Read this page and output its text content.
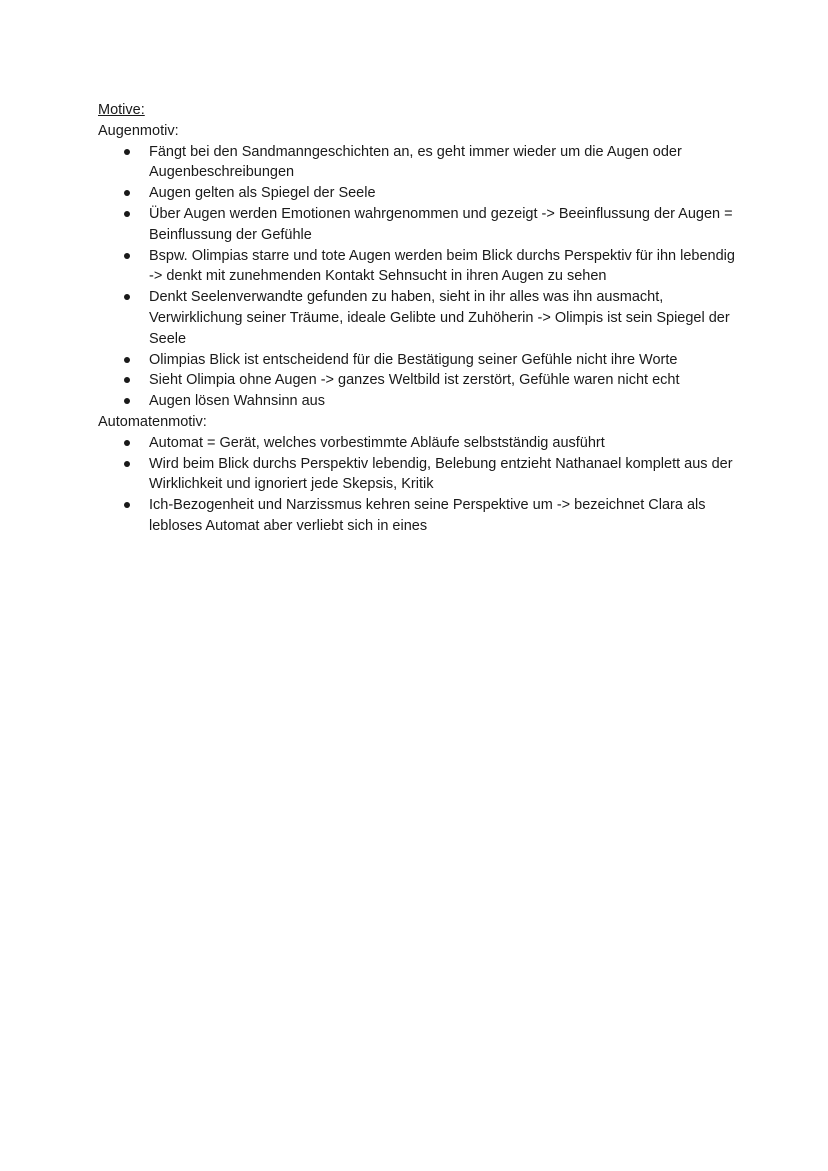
Motive:

Augenmotiv:

Fängt bei den Sandmanngeschichten an, es geht immer wieder um die Augen oder Augenbeschreibungen
Augen gelten als Spiegel der Seele
Über Augen werden Emotionen wahrgenommen und gezeigt -> Beeinflussung der Augen = Beinflussung der Gefühle
Bspw. Olimpias starre und tote Augen werden beim Blick durchs Perspektiv für ihn lebendig -> denkt mit zunehmenden Kontakt Sehnsucht in ihren Augen zu sehen
Denkt Seelenverwandte gefunden zu haben, sieht in ihr alles was ihn ausmacht, Verwirklichung seiner Träume, ideale Gelibte und Zuhöherin -> Olimpis ist sein Spiegel der Seele
Olimpias Blick ist entscheidend für die Bestätigung seiner Gefühle nicht ihre Worte
Sieht Olimpia ohne Augen -> ganzes Weltbild ist zerstört, Gefühle waren nicht echt
Augen lösen Wahnsinn aus

Automatenmotiv:

Automat = Gerät, welches vorbestimmte Abläufe selbstständig ausführt
Wird beim Blick durchs Perspektiv lebendig, Belebung entzieht Nathanael komplett aus der Wirklichkeit und ignoriert jede Skepsis, Kritik
Ich-Bezogenheit und Narzissmus kehren seine Perspektive um -> bezeichnet Clara als lebloses Automat aber verliebt sich in eines
